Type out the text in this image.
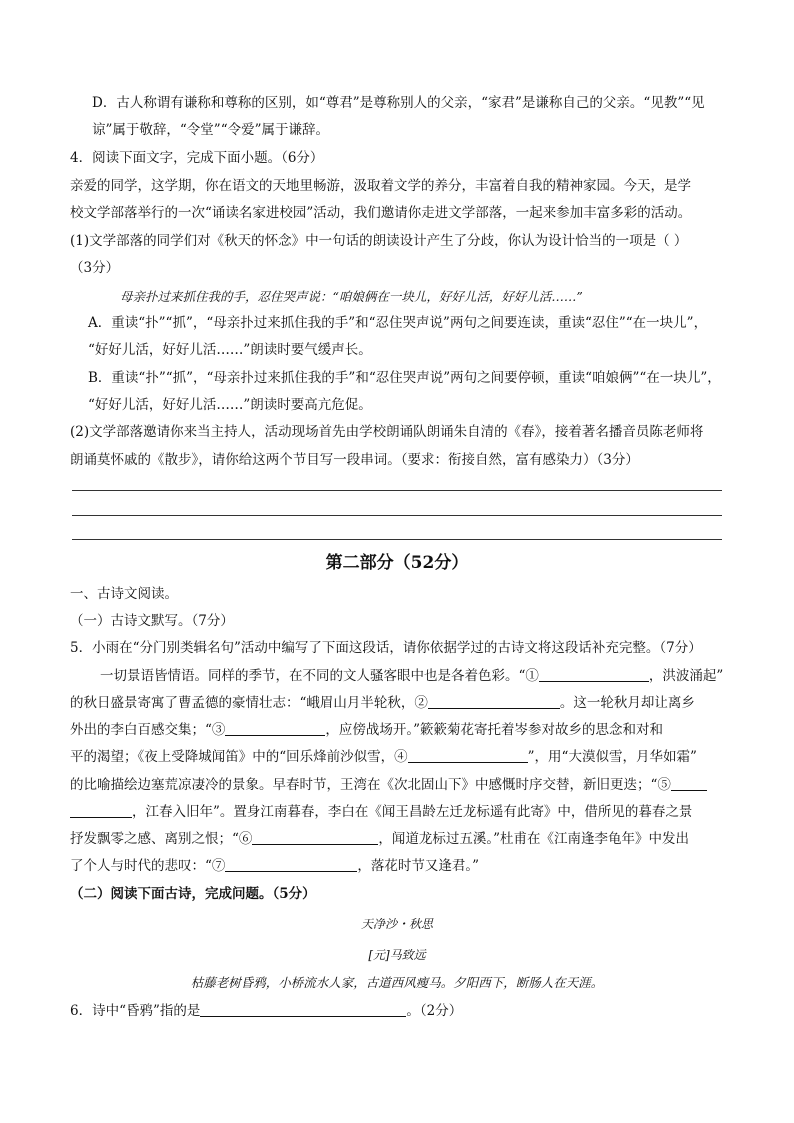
D．古人称谓有谦称和尊称的区别，如“尊君”是尊称别人的父亲，“家君”是谦称自己的父亲。“见教”“见
谅”属于敬辞，“令堂”“令爱”属于谦辞。
4．阅读下面文字，完成下面小题。（6分）
亲爱的同学，这学期，你在语文的天地里畅游，汲取着文学的养分，丰富着自我的精神家园。今天，是学
校文学部落举行的一次“诵读名家进校园”活动，我们邀请你走进文学部落，一起来参加丰富多彩的活动。
(1)文学部落的同学们对《秋天的怀念》中一句话的朗读设计产生了分歧，你认为设计恰当的一项是（ ）
（3分）
母亲扑过来抓住我的手，忍住哭声说：“咱娘俩在一块儿，好好儿活，好好儿活……”
A．重读“扑”“抓”，“母亲扑过来抓住我的手”和“忍住哭声说”两句之间要连读，重读“忍住”“在一块儿”，
“好好儿活，好好儿活……”朗读时要气缓声长。
B．重读“扑”“抓”，“母亲扑过来抓住我的手”和“忍住哭声说”两句之间要停顿，重读“咱娘俩”“在一块儿”，
“好好儿活，好好儿活……”朗读时要高亢危促。
(2)文学部落邀请你来当主持人，活动现场首先由学校朗诵队朗诵朱自清的《春》，接着著名播音员陈老师将
朗诵莫怀戚的《散步》，请你给这两个节目写一段串词。（要求：衔接自然，富有感染力）（3分）
第二部分（52分）
一、古诗文阅读。
（一）古诗文默写。（7分）
5．小雨在“分门别类辑名句”活动中编写了下面这段话，请你依据学过的古诗文将这段话补充完整。（7分）
一切景语皆情语。同样的季节，在不同的文人骚客眼中也是各着色彩。“①	，洪波涌起”
的秋日盛景寄寓了曹孟德的豪情壮志：“峨眉山月半轮秋，②	。这一轮秋月却让离乡
外出的李白百感交集；“③	，应傍战场开。”簌簌菊花寄托着岑参对故乡的思念和对和
平的渴望；《夜上受降城闻笛》中的“回乐烽前沙似雪，④	”，用“大漠似雪，月华如霜”
的比喻描绘边塞荒凉凄冷的景象。早春时节，王湾在《次北固山下》中感慨时序交替，新旧更迭；“⑤
，江春入旧年”。置身江南暮春，李白在《闻王昌龄左迁龙标遥有此寄》中，借所见的暮春之景
抒发飘零之感、离别之恨；“⑥	，闻道龙标过五溪。”杜甫在《江南逢李龟年》中发出
了个人与时代的悲叹：“⑦	，落花时节又逢君。”
（二）阅读下面古诗，完成问题。（5分）
天净沙・秋思
[元]马致远
枯藤老树昏鸦，小桥流水人家，古道西风瘦马。夕阳西下，断肠人在天涯。
6．诗中“昏鸦”指的是	。（2分）
